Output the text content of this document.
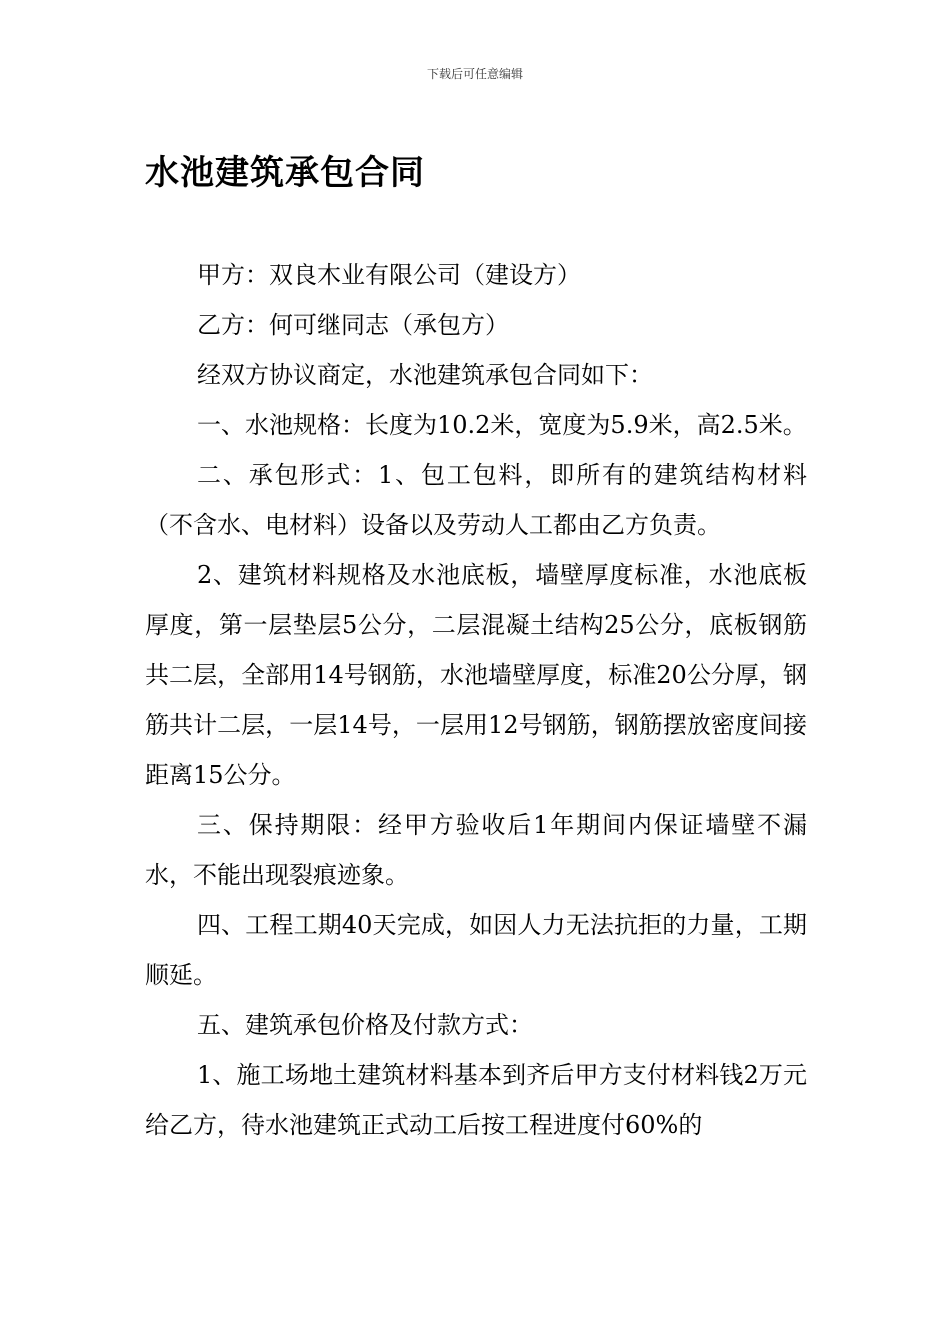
下载后可任意编辑
水池建筑承包合同

甲方：双良木业有限公司（建设方）

乙方：何可继同志（承包方）

经双方协议商定，水池建筑承包合同如下：

一、水池规格：长度为10.2米，宽度为5.9米，高2.5米。

二、承包形式：1、包工包料，即所有的建筑结构材料（不含水、电材料）设备以及劳动人工都由乙方负责。

2、建筑材料规格及水池底板，墙壁厚度标准，水池底板厚度，第一层垫层5公分，二层混凝土结构25公分，底板钢筋共二层，全部用14号钢筋，水池墙壁厚度，标准20公分厚，钢筋共计二层，一层14号，一层用12号钢筋，钢筋摆放密度间接距离15公分。

三、保持期限：经甲方验收后1年期间内保证墙壁不漏水，不能出现裂痕迹象。

四、工程工期40天完成，如因人力无法抗拒的力量，工期顺延。

五、建筑承包价格及付款方式：

1、施工场地土建筑材料基本到齐后甲方支付材料钱2万元给乙方，待水池建筑正式动工后按工程进度付60%的
